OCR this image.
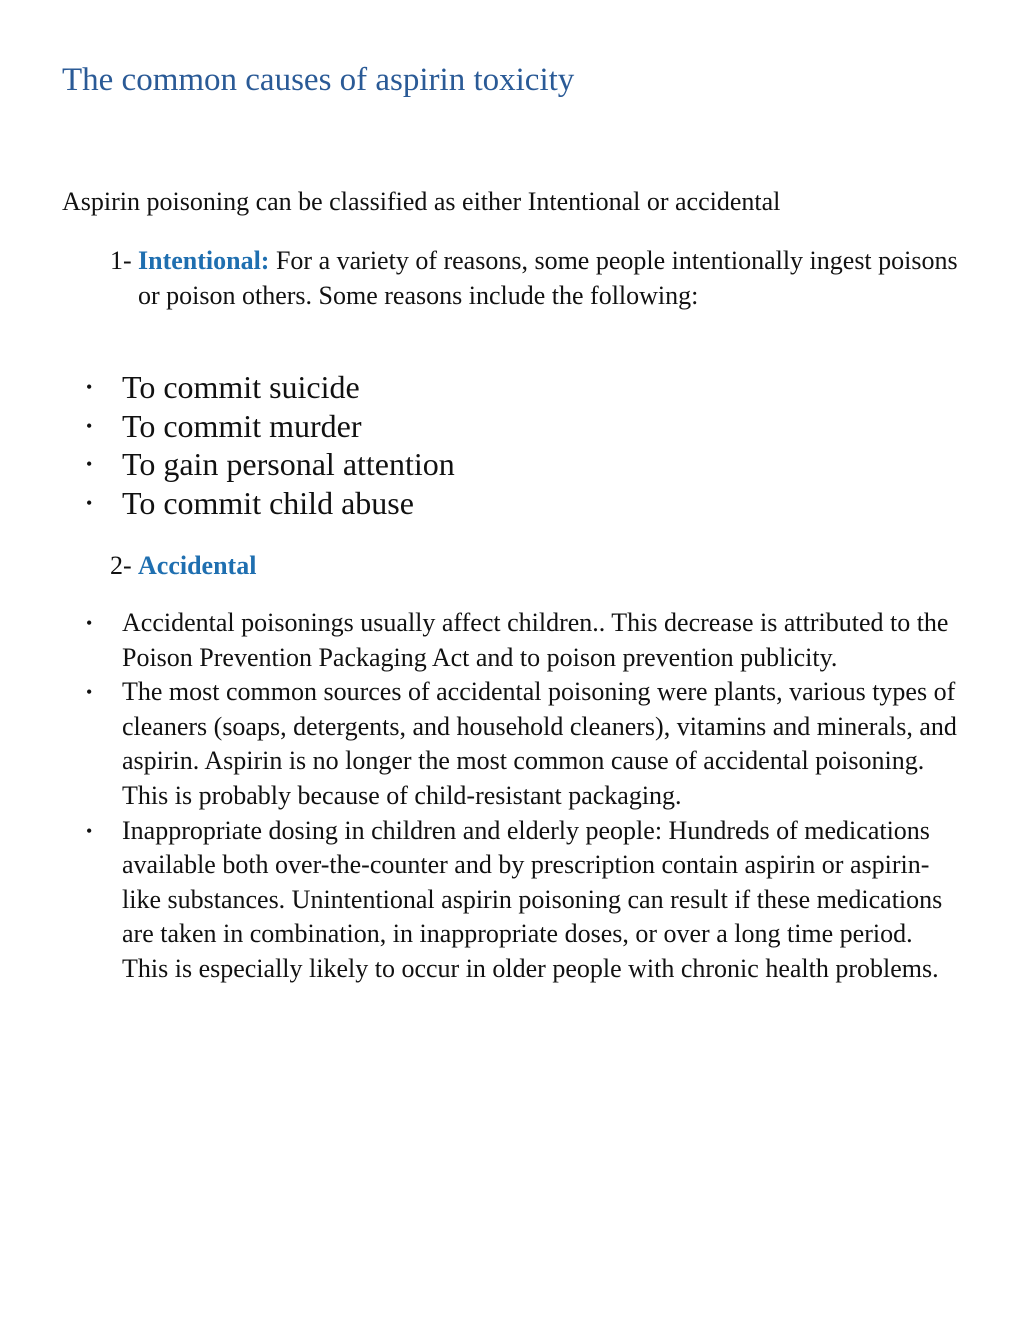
The common causes of aspirin toxicity

Aspirin poisoning can be classified as either Intentional or accidental

1- Intentional: For a variety of reasons, some people intentionally ingest poisons or poison others. Some reasons include the following:
• To commit suicide
• To commit murder
• To gain personal attention
• To commit child abuse
2- Accidental
• Accidental poisonings usually affect children.. This decrease is attributed to the Poison Prevention Packaging Act and to poison prevention publicity.
• The most common sources of accidental poisoning were plants, various types of cleaners (soaps, detergents, and household cleaners), vitamins and minerals, and aspirin. Aspirin is no longer the most common cause of accidental poisoning. This is probably because of child-resistant packaging.
• Inappropriate dosing in children and elderly people: Hundreds of medications available both over-the-counter and by prescription contain aspirin or aspirin-like substances. Unintentional aspirin poisoning can result if these medications are taken in combination, in inappropriate doses, or over a long time period. This is especially likely to occur in older people with chronic health problems.
